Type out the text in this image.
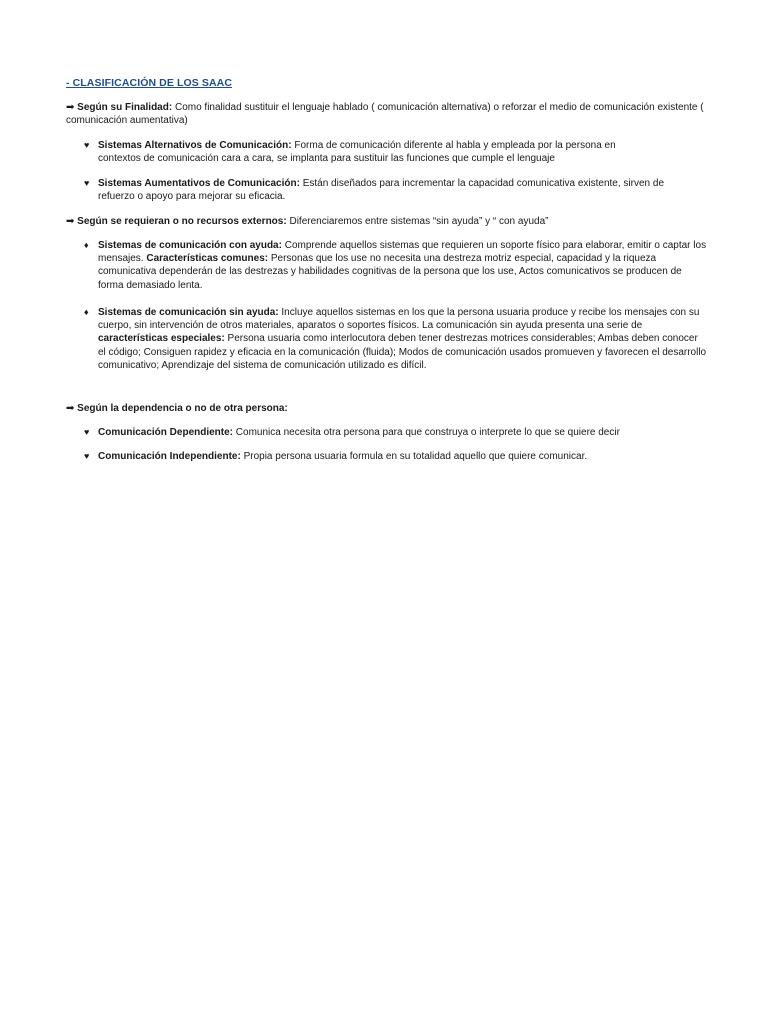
- CLASIFICACIÓN DE LOS SAAC
➡ Según su Finalidad: Como finalidad sustituir el lenguaje hablado ( comunicación alternativa) o reforzar el medio de comunicación existente ( comunicación aumentativa)
♥ Sistemas Alternativos de Comunicación: Forma de comunicación diferente al habla y empleada por la persona en contextos de comunicación cara a cara, se implanta para sustituir las funciones que cumple el lenguaje
♥ Sistemas Aumentativos de Comunicación: Están diseñados para incrementar la capacidad comunicativa existente, sirven de refuerzo o apoyo para mejorar su eficacia.
➡ Según se requieran o no recursos externos: Diferenciaremos entre sistemas “sin ayuda” y “ con ayuda”
♦ Sistemas de comunicación con ayuda: Comprende aquellos sistemas que requieren un soporte físico para elaborar, emitir o captar los mensajes. Características comunes: Personas que los use no necesita una destreza motriz especial, capacidad y la riqueza comunicativa dependerán de las destrezas y habilidades cognitivas de la persona que los use, Actos comunicativos se producen de forma demasiado lenta.
♦ Sistemas de comunicación sin ayuda: Incluye aquellos sistemas en los que la persona usuaria produce y recibe los mensajes con su cuerpo, sin intervención de otros materiales, aparatos o soportes físicos. La comunicación sin ayuda presenta una serie de características especiales: Persona usuaria como interlocutora deben tener destrezas motrices considerables; Ambas deben conocer el código; Consiguen rapidez y eficacia en la comunicación (fluida); Modos de comunicación usados promueven y favorecen el desarrollo comunicativo; Aprendizaje del sistema de comunicación utilizado es difícil.
➡ Según la dependencia o no de otra persona:
♥ Comunicación Dependiente: Comunica necesita otra persona para que construya o interprete lo que se quiere decir
♥ Comunicación Independiente: Propia persona usuaria formula en su totalidad aquello que quiere comunicar.
